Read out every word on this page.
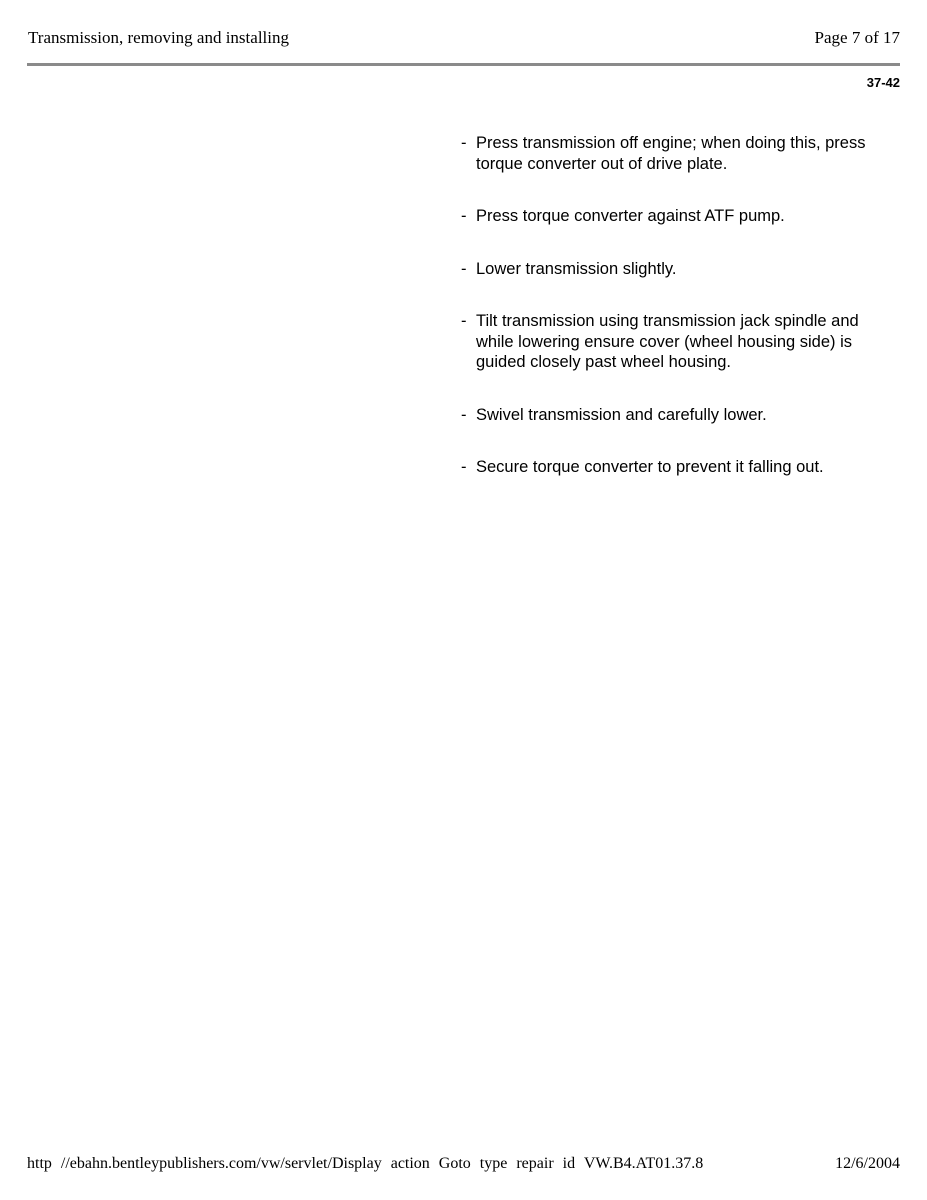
Transmission, removing and installing	Page 7 of 17
37-42
- Press transmission off engine; when doing this, press torque converter out of drive plate.
- Press torque converter against ATF pump.
- Lower transmission slightly.
- Tilt transmission using transmission jack spindle and while lowering ensure cover (wheel housing side) is guided closely past wheel housing.
- Swivel transmission and carefully lower.
- Secure torque converter to prevent it falling out.
http //ebahn.bentleypublishers.com/vw/servlet/Display action Goto type repair id VW.B4.AT01.37.8	12/6/2004
